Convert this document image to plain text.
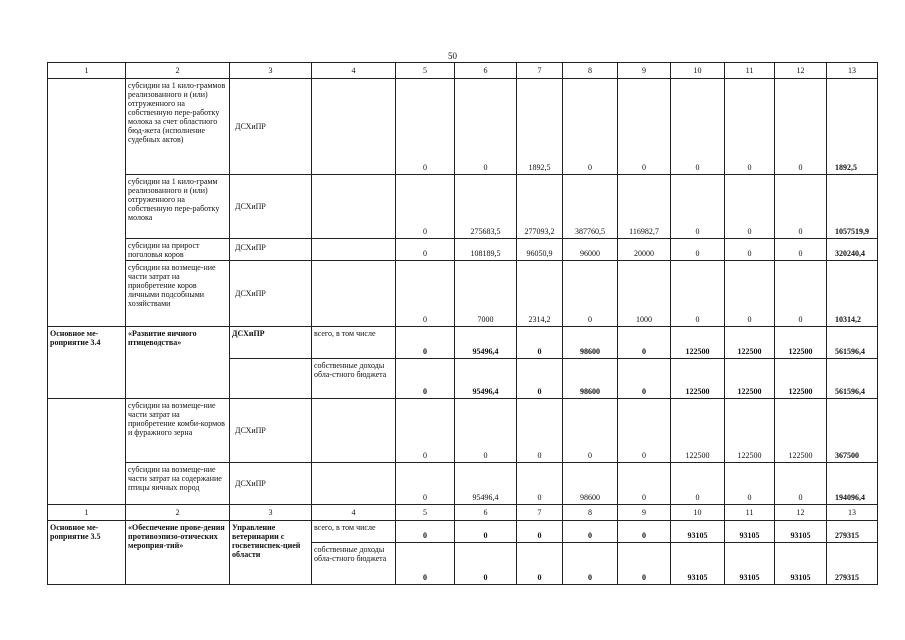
50
1	2	3	4	5	6	7	8	9	10	11	12	13
	субсидии на 1 кило-граммов реализованного и (или) отгруженного на собственную пере-работку молока за счет областного бюд-жета (исполнение судебных актов)	ДСХиПР		0	0	1892,5	0	0	0	0	0	1892,5
	субсидии на 1 кило-грамм реализованного и (или) отгруженного на собственную пере-работку молока	ДСХиПР		0	275683,5	277093,2	387760,5	116982,7	0	0	0	1057519,9
	субсидии на прирост поголовья коров	ДСХиПР		0	108189,5	96050,9	96000	20000	0	0	0	320240,4
	субсидии на возмеще-ние части затрат на приобретение коров личными подсобными хозяйствами	ДСХиПР		0	7000	2314,2	0	1000	0	0	0	10314,2
Основное ме-роприятие 3.4	«Развитие яичного птицеводства»	ДСХиПР	всего, в том числе	0	95496,4	0	98600	0	122500	122500	122500	561596,4
			собственные доходы обла-стного бюджета	0	95496,4	0	98600	0	122500	122500	122500	561596,4
	субсидии на возмеще-ние части затрат на приобретение комби-кормов и фуражного зерна	ДСХиПР		0	0	0	0	0	122500	122500	122500	367500
	субсидии на возмеще-ние части затрат на содержание птицы яичных пород	ДСХиПР		0	95496,4	0	98600	0	0	0	0	194096,4
1	2	3	4	5	6	7	8	9	10	11	12	13
Основное ме-роприятие 3.5	«Обеспечение прове-дения противоэпизо-отических мероприя-тий»	Управление ветеринарии с госветинспек-цией области	всего, в том числе	0	0	0	0	0	93105	93105	93105	279315
			собственные доходы обла-стного бюджета	0	0	0	0	0	93105	93105	93105	279315
